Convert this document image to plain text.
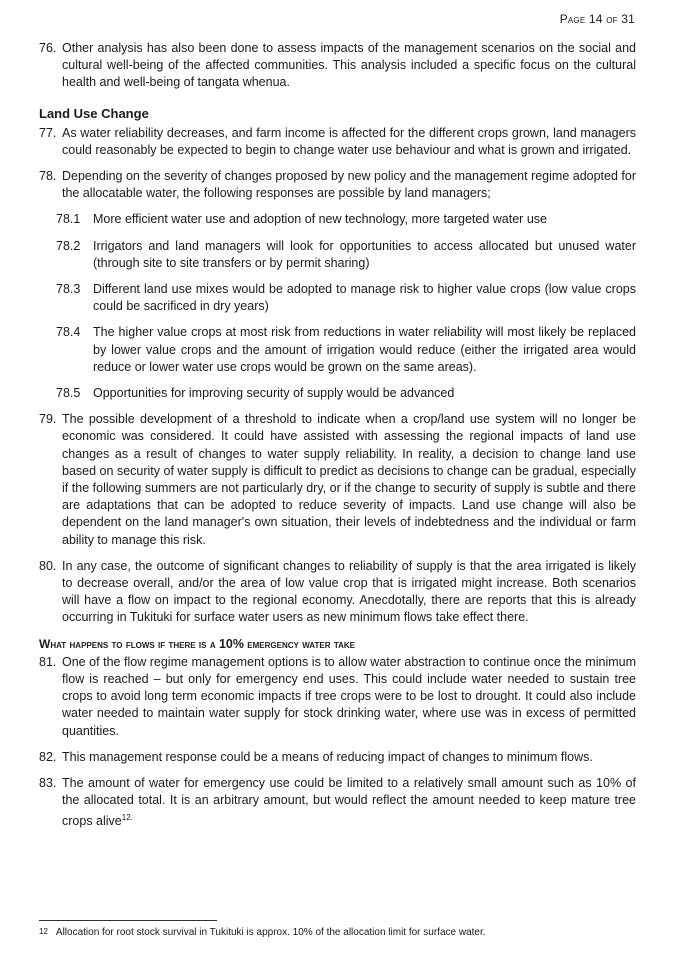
Page 14 of 31
76. Other analysis has also been done to assess impacts of the management scenarios on the social and cultural well-being of the affected communities. This analysis included a specific focus on the cultural health and well-being of tangata whenua.
Land Use Change
77. As water reliability decreases, and farm income is affected for the different crops grown, land managers could reasonably be expected to begin to change water use behaviour and what is grown and irrigated.
78. Depending on the severity of changes proposed by new policy and the management regime adopted for the allocatable water, the following responses are possible by land managers;
78.1 More efficient water use and adoption of new technology, more targeted water use
78.2 Irrigators and land managers will look for opportunities to access allocated but unused water (through site to site transfers or by permit sharing)
78.3 Different land use mixes would be adopted to manage risk to higher value crops (low value crops could be sacrificed in dry years)
78.4 The higher value crops at most risk from reductions in water reliability will most likely be replaced by lower value crops and the amount of irrigation would reduce (either the irrigated area would reduce or lower water use crops would be grown on the same areas).
78.5 Opportunities for improving security of supply would be advanced
79. The possible development of a threshold to indicate when a crop/land use system will no longer be economic was considered. It could have assisted with assessing the regional impacts of land use changes as a result of changes to water supply reliability. In reality, a decision to change land use based on security of water supply is difficult to predict as decisions to change can be gradual, especially if the following summers are not particularly dry, or if the change to security of supply is subtle and there are adaptations that can be adopted to reduce severity of impacts. Land use change will also be dependent on the land manager's own situation, their levels of indebtedness and the individual or farm ability to manage this risk.
80. In any case, the outcome of significant changes to reliability of supply is that the area irrigated is likely to decrease overall, and/or the area of low value crop that is irrigated might increase. Both scenarios will have a flow on impact to the regional economy. Anecdotally, there are reports that this is already occurring in Tukituki for surface water users as new minimum flows take effect there.
What happens to flows if there is a 10% emergency water take
81. One of the flow regime management options is to allow water abstraction to continue once the minimum flow is reached – but only for emergency end uses. This could include water needed to sustain tree crops to avoid long term economic impacts if tree crops were to be lost to drought. It could also include water needed to maintain water supply for stock drinking water, where use was in excess of permitted quantities.
82. This management response could be a means of reducing impact of changes to minimum flows.
83. The amount of water for emergency use could be limited to a relatively small amount such as 10% of the allocated total. It is an arbitrary amount, but would reflect the amount needed to keep mature tree crops alive$^{12.}$
$^{12}$ Allocation for root stock survival in Tukituki is approx. 10% of the allocation limit for surface water.
